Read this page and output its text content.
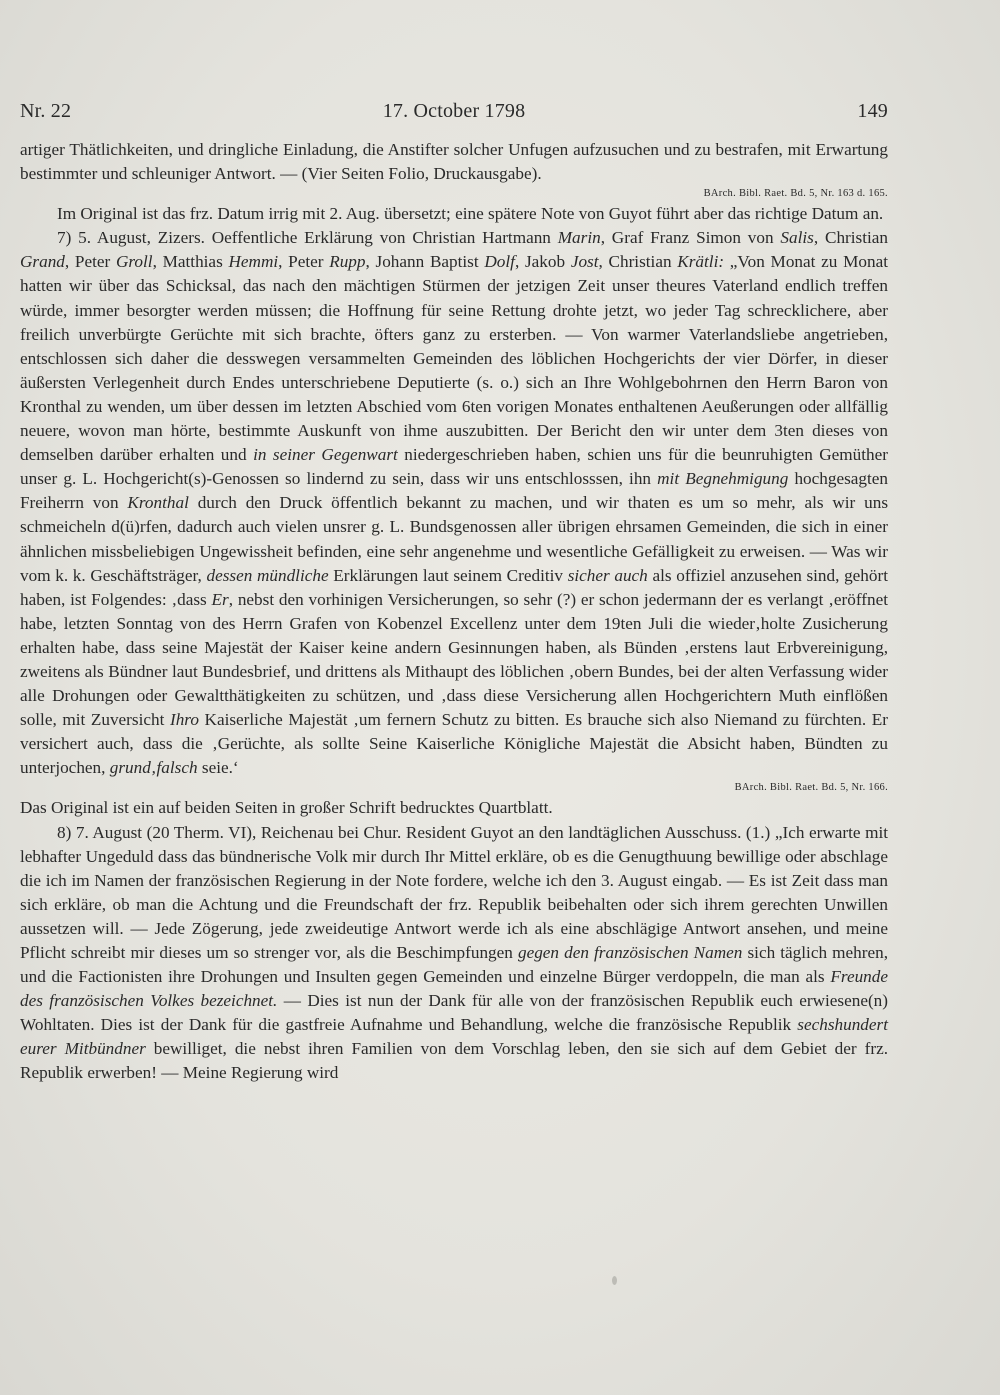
Nr. 22	17. October 1798	149

artiger Thätlichkeiten, und dringliche Einladung, die Anstifter solcher Unfugen aufzusuchen und zu bestrafen, mit Erwartung bestimmter und schleuniger Antwort. — (Vier Seiten Folio, Druckausgabe).

BArch. Bibl. Raet. Bd. 5, Nr. 163 d. 165.

Im Original ist das frz. Datum irrig mit 2. Aug. übersetzt; eine spätere Note von Guyot führt aber das richtige Datum an.

7) 5. August, Zizers. Oeffentliche Erklärung von Christian Hartmann Marin, Graf Franz Simon von Salis, Christian Grand, Peter Groll, Matthias Hemmi, Peter Rupp, Johann Baptist Dolf, Jakob Jost, Christian Krätli: „Von Monat zu Monat hatten wir über das Schicksal, das nach den mächtigen Stürmen der jetzigen Zeit unser theures Vaterland endlich treffen würde, immer besorgter werden müssen; die Hoffnung für seine Rettung drohte jetzt, wo jeder Tag schrecklichere, aber freilich unverbürgte Gerüchte mit sich brachte, öfters ganz zu ersterben. — Von warmer Vaterlandsliebe angetrieben, entschlossen sich daher die desswegen versammelten Gemeinden des löblichen Hochgerichts der vier Dörfer, in dieser äußersten Verlegenheit durch Endes unterschriebene Deputierte (s. o.) sich an Ihre Wohlgebohrnen den Herrn Baron von Kronthal zu wenden, um über dessen im letzten Abschied vom 6ten vorigen Monates enthaltenen Aeußerungen oder allfällig neuere, wovon man hörte, bestimmte Auskunft von ihme auszubitten. Der Bericht den wir unter dem 3ten dieses von demselben darüber erhalten und in seiner Gegenwart niedergeschrieben haben, schien uns für die beunruhigten Gemüther unser g. L. Hochgericht(s)-Genossen so lindernd zu sein, dass wir uns entschlosssen, ihn mit Begnehmigung hochgesagten Freiherrn von Kronthal durch den Druck öffentlich bekannt zu machen, und wir thaten es um so mehr, als wir uns schmeicheln d(ü)rfen, dadurch auch vielen unsrer g. L. Bundsgenossen aller übrigen ehrsamen Gemeinden, die sich in einer ähnlichen missbeliebigen Ungewissheit befinden, eine sehr angenehme und wesentliche Gefälligkeit zu erweisen. — Was wir vom k. k. Geschäftsträger, dessen mündliche Erklärungen laut seinem Creditiv sicher auch als offiziel anzusehen sind, gehört haben, ist Folgendes: ‚dass Er, nebst den vorhinigen Versicherungen, so sehr (?) er schon jedermann der es verlangt ‚eröffnet habe, letzten Sonntag von des Herrn Grafen von Kobenzel Excellenz unter dem 19ten Juli die wieder‚holte Zusicherung erhalten habe, dass seine Majestät der Kaiser keine andern Gesinnungen haben, als Bünden ‚erstens laut Erbvereinigung, zweitens als Bündner laut Bundesbrief, und drittens als Mithaupt des löblichen ‚obern Bundes, bei der alten Verfassung wider alle Drohungen oder Gewaltthätigkeiten zu schützen, und ‚dass diese Versicherung allen Hochgerichtern Muth einflößen solle, mit Zuversicht Ihro Kaiserliche Majestät ‚um fernern Schutz zu bitten. Es brauche sich also Niemand zu fürchten. Er versichert auch, dass die ‚Gerüchte, als sollte Seine Kaiserliche Königliche Majestät die Absicht haben, Bündten zu unterjochen, grund‚falsch seie.‘

BArch. Bibl. Raet. Bd. 5, Nr. 166.

Das Original ist ein auf beiden Seiten in großer Schrift bedrucktes Quartblatt.

8) 7. August (20 Therm. VI), Reichenau bei Chur. Resident Guyot an den landtäglichen Ausschuss. (1.) „Ich erwarte mit lebhafter Ungeduld dass das bündnerische Volk mir durch Ihr Mittel erkläre, ob es die Genugthuung bewillige oder abschlage die ich im Namen der französischen Regierung in der Note fordere, welche ich den 3. August eingab. — Es ist Zeit dass man sich erkläre, ob man die Achtung und die Freundschaft der frz. Republik beibehalten oder sich ihrem gerechten Unwillen aussetzen will. — Jede Zögerung, jede zweideutige Antwort werde ich als eine abschlägige Antwort ansehen, und meine Pflicht schreibt mir dieses um so strenger vor, als die Beschimpfungen gegen den französischen Namen sich täglich mehren, und die Factionisten ihre Drohungen und Insulten gegen Gemeinden und einzelne Bürger verdoppeln, die man als Freunde des französischen Volkes bezeichnet. — Dies ist nun der Dank für alle von der französischen Republik euch erwiesene(n) Wohltaten. Dies ist der Dank für die gastfreie Aufnahme und Behandlung, welche die französische Republik sechshundert eurer Mitbündner bewilliget, die nebst ihren Familien von dem Vorschlag leben, den sie sich auf dem Gebiet der frz. Republik erwerben! — Meine Regierung wird
